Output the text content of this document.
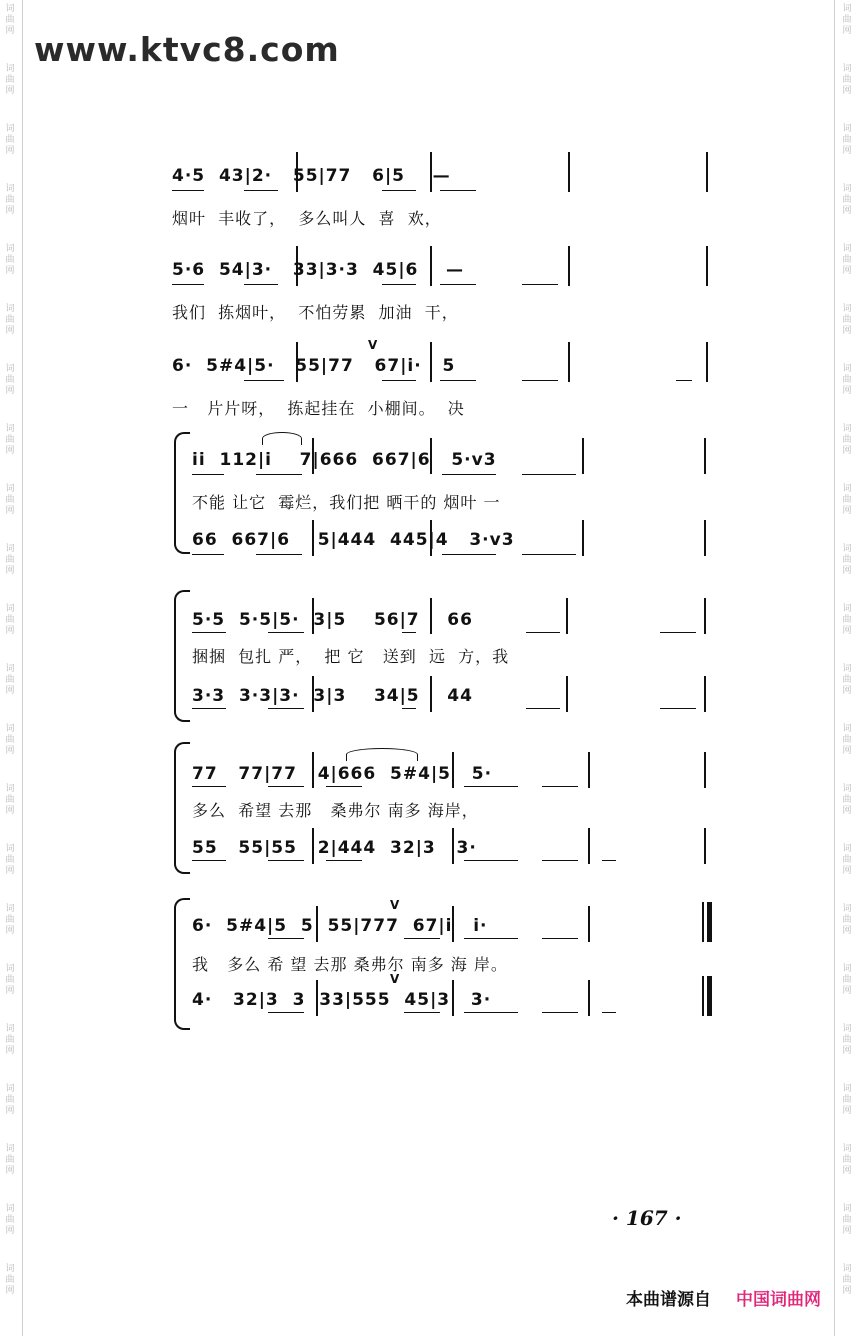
词曲网
词曲网
词曲网
词曲网
词曲网
词曲网
词曲网
词曲网
词曲网
词曲网
词曲网
词曲网
词曲网
词曲网
词曲网
词曲网
词曲网
词曲网
词曲网
词曲网
词曲网
词曲网
词曲网
词曲网
词曲网
词曲网
词曲网
词曲网
词曲网
词曲网
词曲网
词曲网
词曲网
词曲网
词曲网
词曲网
词曲网
词曲网
词曲网
词曲网
词曲网
词曲网
词曲网
词曲网
www.ktvc8.com
4·5  43|2·   55|77   6|5    —
烟叶  丰收了，  多么叫人  喜  欢，
5·6  54|3·   33|3·3  45|6    —
我们  拣烟叶，  不怕劳累  加油  干，
V
6·  5#4|5·   55|77   67|i·   5
一   片片呀，  拣起挂在  小棚间。  决
ii  112|i    7|666  667|6   5·v3
不能 让它  霉烂，我们把 晒干的 烟叶 一
66  667|6    5|444  445|4   3·v3
5·5  5·5|5·  3|5    56|7    66
捆捆  包扎 严，  把 它   送到  远  方，我
3·3  3·3|3·  3|3    34|5    44
77   77|77   4|666  5#4|5   5·
多么  希望 去那   桑弗尔 南多 海岸，
55   55|55   2|444  32|3   3·
V
V
6·  5#4|5  5  55|777  67|i   i·
我   多么 希 望 去那 桑弗尔 南多 海 岸。
4·   32|3  3  33|555  45|3   3·
· 167 ·
本曲谱源自 中国词曲网
